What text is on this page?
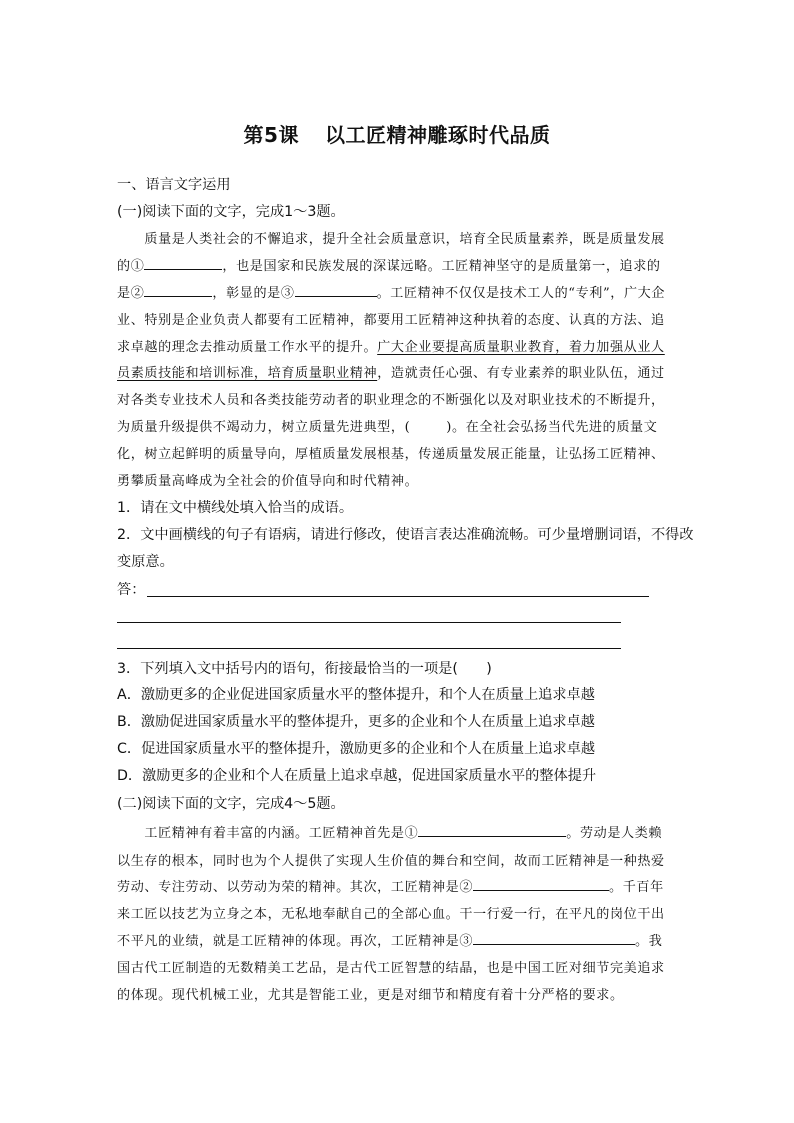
第5课 以工匠精神雕琢时代品质
一、语言文字运用
(一)阅读下面的文字，完成1～3题。
　　质量是人类社会的不懈追求，提升全社会质量意识，培育全民质量素养，既是质量发展
的①	，也是国家和民族发展的深谋远略。工匠精神坚守的是质量第一，追求的
是②	，彰显的是③	。工匠精神不仅仅是技术工人的“专利”，广大企
业、特别是企业负责人都要有工匠精神，都要用工匠精神这种执着的态度、认真的方法、追
求卓越的理念去推动质量工作水平的提升。广大企业要提高质量职业教育，着力加强从业人
员素质技能和培训标准，培育质量职业精神，造就责任心强、有专业素养的职业队伍，通过
对各类专业技术人员和各类技能劳动者的职业理念的不断强化以及对职业技术的不断提升，
为质量升级提供不竭动力，树立质量先进典型，(	)。在全社会弘扬当代先进的质量文
化，树立起鲜明的质量导向，厚植质量发展根基，传递质量发展正能量，让弘扬工匠精神、
勇攀质量高峰成为全社会的价值导向和时代精神。
1．请在文中横线处填入恰当的成语。
2．文中画横线的句子有语病，请进行修改，使语言表达准确流畅。可少量增删词语，不得改
变原意。
答：
3．下列填入文中括号内的语句，衔接最恰当的一项是(　　)
A．激励更多的企业促进国家质量水平的整体提升，和个人在质量上追求卓越
B．激励促进国家质量水平的整体提升，更多的企业和个人在质量上追求卓越
C．促进国家质量水平的整体提升，激励更多的企业和个人在质量上追求卓越
D．激励更多的企业和个人在质量上追求卓越，促进国家质量水平的整体提升
(二)阅读下面的文字，完成4～5题。
　　工匠精神有着丰富的内涵。工匠精神首先是①	。劳动是人类赖
以生存的根本，同时也为个人提供了实现人生价值的舞台和空间，故而工匠精神是一种热爱
劳动、专注劳动、以劳动为荣的精神。其次，工匠精神是②	。千百年
来工匠以技艺为立身之本，无私地奉献自己的全部心血。干一行爱一行，在平凡的岗位干出
不平凡的业绩，就是工匠精神的体现。再次，工匠精神是③	。我
国古代工匠制造的无数精美工艺品，是古代工匠智慧的结晶，也是中国工匠对细节完美追求
的体现。现代机械工业，尤其是智能工业，更是对细节和精度有着十分严格的要求。
